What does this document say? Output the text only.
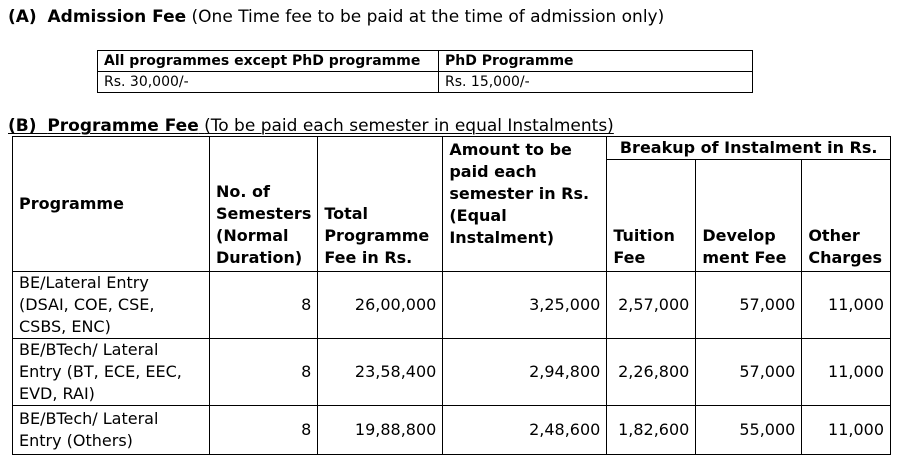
(A) Admission Fee (One Time fee to be paid at the time of admission only)
All programmes except PhD programme	PhD Programme
Rs. 30,000/-	Rs. 15,000/-
(B) Programme Fee (To be paid each semester in equal Instalments)
Programme	No. of Semesters (Normal Duration)	Total Programme Fee in Rs.	Amount to be paid each semester in Rs. (Equal Instalment)	Breakup of Instalment in Rs.		
				Tuition Fee	Develop ment Fee	Other Charges
BE/Lateral Entry (DSAI, COE, CSE, CSBS, ENC)	8	26,00,000	3,25,000	2,57,000	57,000	11,000
BE/BTech/ Lateral Entry (BT, ECE, EEC, EVD, RAI)	8	23,58,400	2,94,800	2,26,800	57,000	11,000
BE/BTech/ Lateral Entry (Others)	8	19,88,800	2,48,600	1,82,600	55,000	11,000
